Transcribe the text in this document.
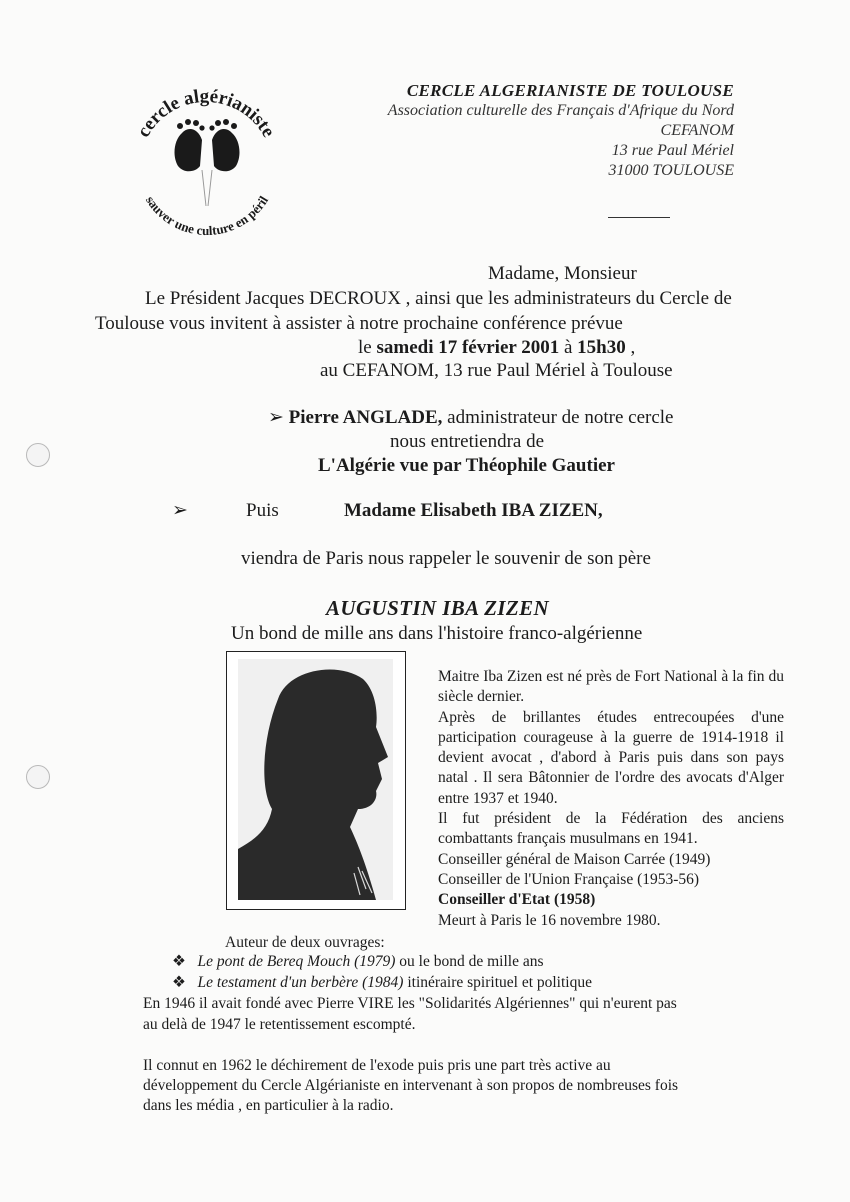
cercle algérianiste
sauver une culture en péril
CERCLE ALGERIANISTE DE TOULOUSE
Association culturelle des Français d'Afrique du Nord
CEFANOM
13 rue Paul Mériel
31000 TOULOUSE
Madame, Monsieur
Le Président Jacques DECROUX , ainsi que les administrateurs du Cercle de
Toulouse vous invitent à assister à notre prochaine conférence prévue
le samedi 17 février 2001 à 15h30 ,
au CEFANOM, 13 rue Paul Mériel à Toulouse
➢ Pierre ANGLADE, administrateur de notre cercle
nous entretiendra de
L'Algérie vue par Théophile Gautier
➢	Puis	Madame Elisabeth IBA ZIZEN,
viendra de Paris nous rappeler le souvenir de son père
AUGUSTIN IBA ZIZEN
Un bond de mille ans dans l'histoire franco-algérienne
Maitre Iba Zizen est né près de Fort National à la fin du siècle dernier.
Après de brillantes études entrecoupées d'une participation courageuse à la guerre de 1914-1918 il devient avocat , d'abord à Paris puis dans son pays natal . Il sera Bâtonnier de l'ordre des avocats d'Alger entre 1937 et 1940.
Il fut président de la Fédération des anciens combattants français musulmans en 1941.
Conseiller général de Maison Carrée (1949)
Conseiller de l'Union Française (1953-56)
Conseiller d'Etat (1958)
Meurt à Paris le 16 novembre 1980.
Auteur de deux ouvrages:
❖ Le pont de Bereq Mouch (1979) ou le bond de mille ans
❖ Le testament d'un berbère (1984) itinéraire spirituel et politique
En 1946 il avait fondé avec Pierre VIRE les "Solidarités Algériennes" qui n'eurent pas
au delà de 1947 le retentissement escompté.
Il connut en 1962 le déchirement de l'exode puis pris une part très active au
développement du Cercle Algérianiste en intervenant à son propos de nombreuses fois
dans les média , en particulier à la radio.
